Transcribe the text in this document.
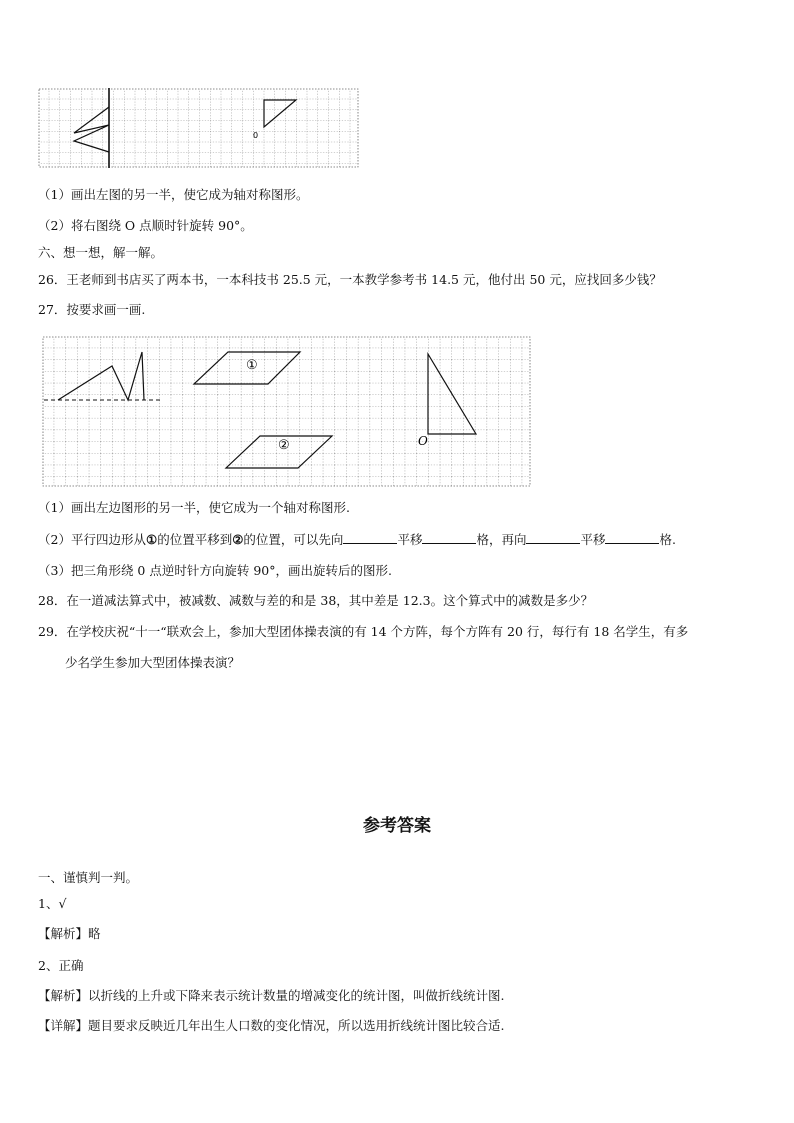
0
（1）画出左图的另一半，使它成为轴对称图形。
（2）将右图绕 O 点顺时针旋转 90°。
六、想一想，解一解。
26．王老师到书店买了两本书，一本科技书 25.5 元，一本教学参考书 14.5 元，他付出 50 元，应找回多少钱？
27．按要求画一画.
①
②	O
（1）画出左边图形的另一半，使它成为一个轴对称图形.
（2）平行四边形从①的位置平移到②的位置，可以先向	平移	格，再向	平移	格.
（3）把三角形绕 0 点逆时针方向旋转 90°，画出旋转后的图形.
28．在一道减法算式中，被减数、减数与差的和是 38，其中差是 12.3。这个算式中的减数是多少？
29．在学校庆祝“十一“联欢会上，参加大型团体操表演的有 14 个方阵，每个方阵有 20 行，每行有 18 名学生，有多
少名学生参加大型团体操表演？
参考答案
一、谨慎判一判。
1、√
【解析】略
2、正确
【解析】以折线的上升或下降来表示统计数量的增减变化的统计图，叫做折线统计图.
【详解】题目要求反映近几年出生人口数的变化情况，所以选用折线统计图比较合适.
